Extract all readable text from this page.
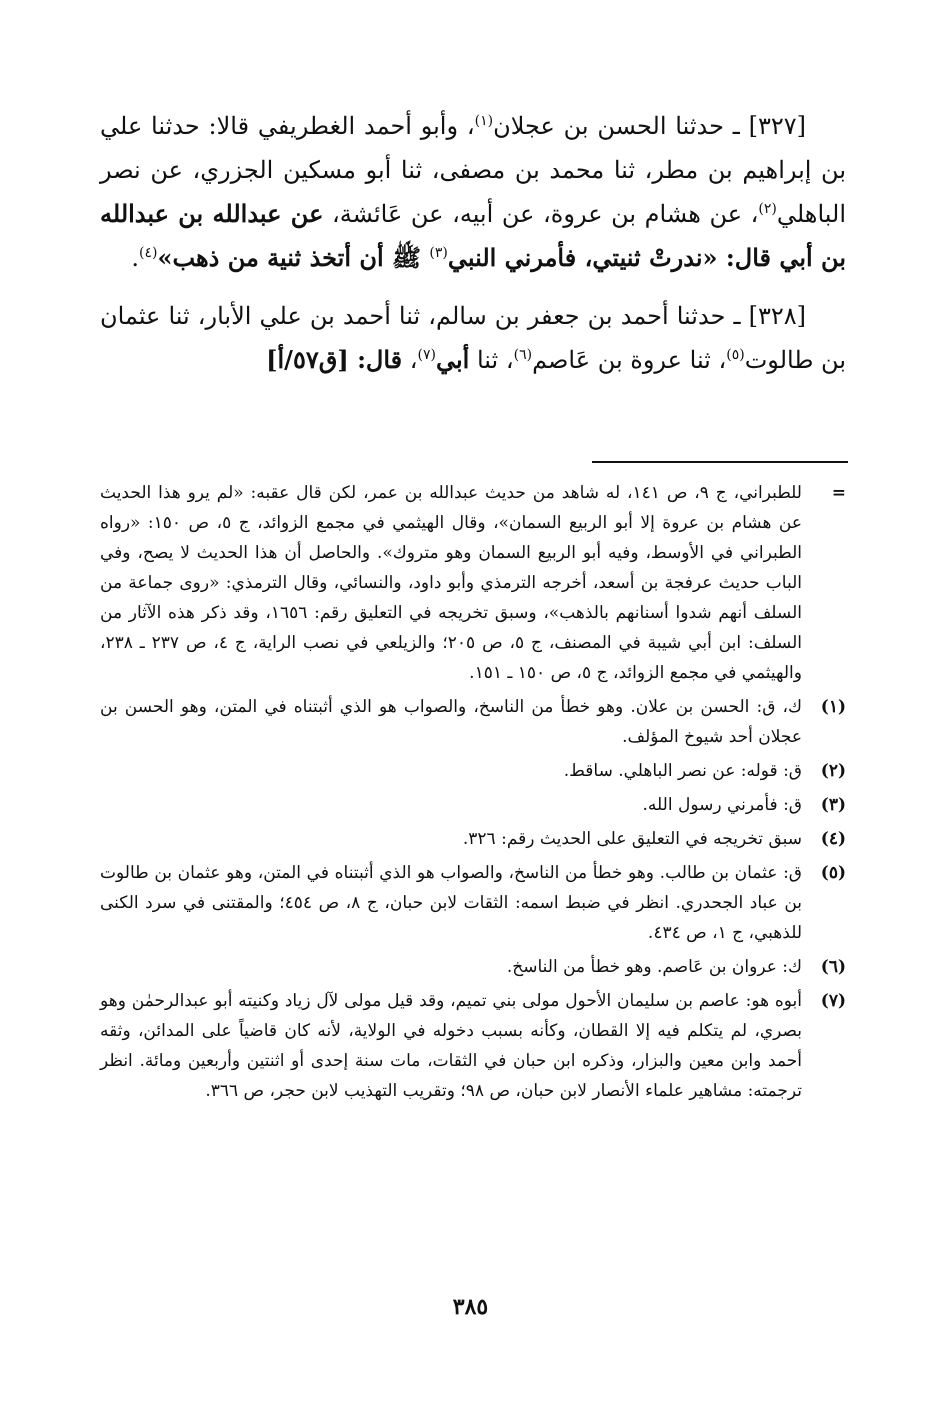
[٣٢٧] ـ حدثنا الحسن بن عجلان$^{(١)}$، وأبو أحمد الغطريفي قالا: حدثنا علي بن إبراهيم بن مطر، ثنا محمد بن مصفى، ثنا أبو مسكين الجزري، عن نصر الباهلي$^{(٢)}$، عن هشام بن عروة، عن أبيه، عن عَائشة، عن عبدالله بن عبدالله بن أبي قال: «ندرتْ ثنيتي، فأمرني النبي$^{(٣)}$ ﷺ أن أتخذ ثنية من ذهب»$^{(٤)}$.

[٣٢٨] ـ حدثنا أحمد بن جعفر بن سالم، ثنا أحمد بن علي الأبار، ثنا عثمان بن طالوت$^{(٥)}$، ثنا عروة بن عَاصم$^{(٦)}$، ثنا أبي$^{(٧)}$، قال: [ق٥٧/أ]

=
للطبراني، ج ٩، ص ١٤١، له شاهد من حديث عبدالله بن عمر، لكن قال عقبه: «لم يرو هذا الحديث عن هشام بن عروة إلا أبو الربيع السمان»، وقال الهيثمي في مجمع الزوائد، ج ٥، ص ١٥٠: «رواه الطبراني في الأوسط، وفيه أبو الربيع السمان وهو متروك». والحاصل أن هذا الحديث لا يصح، وفي الباب حديث عرفجة بن أسعد، أخرجه الترمذي وأبو داود، والنسائي، وقال الترمذي: «روى جماعة من السلف أنهم شدوا أسنانهم بالذهب»، وسبق تخريجه في التعليق رقم: ١٦٥٦، وقد ذكر هذه الآثار من السلف: ابن أبي شيبة في المصنف، ج ٥، ص ٢٠٥؛ والزيلعي في نصب الراية، ج ٤، ص ٢٣٧ ـ ٢٣٨، والهيثمي في مجمع الزوائد، ج ٥، ص ١٥٠ ـ ١٥١.
(١)
ك، ق: الحسن بن علان. وهو خطأ من الناسخ، والصواب هو الذي أثبتناه في المتن، وهو الحسن بن عجلان أحد شيوخ المؤلف.
(٢)
ق: قوله: عن نصر الباهلي. ساقط.
(٣)
ق: فأمرني رسول الله.
(٤)
سبق تخريجه في التعليق على الحديث رقم: ٣٢٦.
(٥)
ق: عثمان بن طالب. وهو خطأ من الناسخ، والصواب هو الذي أثبتناه في المتن، وهو عثمان بن طالوت بن عباد الجحدري. انظر في ضبط اسمه: الثقات لابن حبان، ج ٨، ص ٤٥٤؛ والمقتنى في سرد الكنى للذهبي، ج ١، ص ٤٣٤.
(٦)
ك: عروان بن عَاصم. وهو خطأ من الناسخ.
(٧)
أبوه هو: عاصم بن سليمان الأحول مولى بني تميم، وقد قيل مولى لآل زياد وكنيته أبو عبدالرحمٰن وهو بصري، لم يتكلم فيه إلا القطان، وكأنه بسبب دخوله في الولاية، لأنه كان قاضياً على المدائن، وثقه أحمد وابن معين والبزار، وذكره ابن حبان في الثقات، مات سنة إحدى أو اثنتين وأربعين ومائة. انظر ترجمته: مشاهير علماء الأنصار لابن حبان، ص ٩٨؛ وتقريب التهذيب لابن حجر، ص ٣٦٦.
٣٨٥
